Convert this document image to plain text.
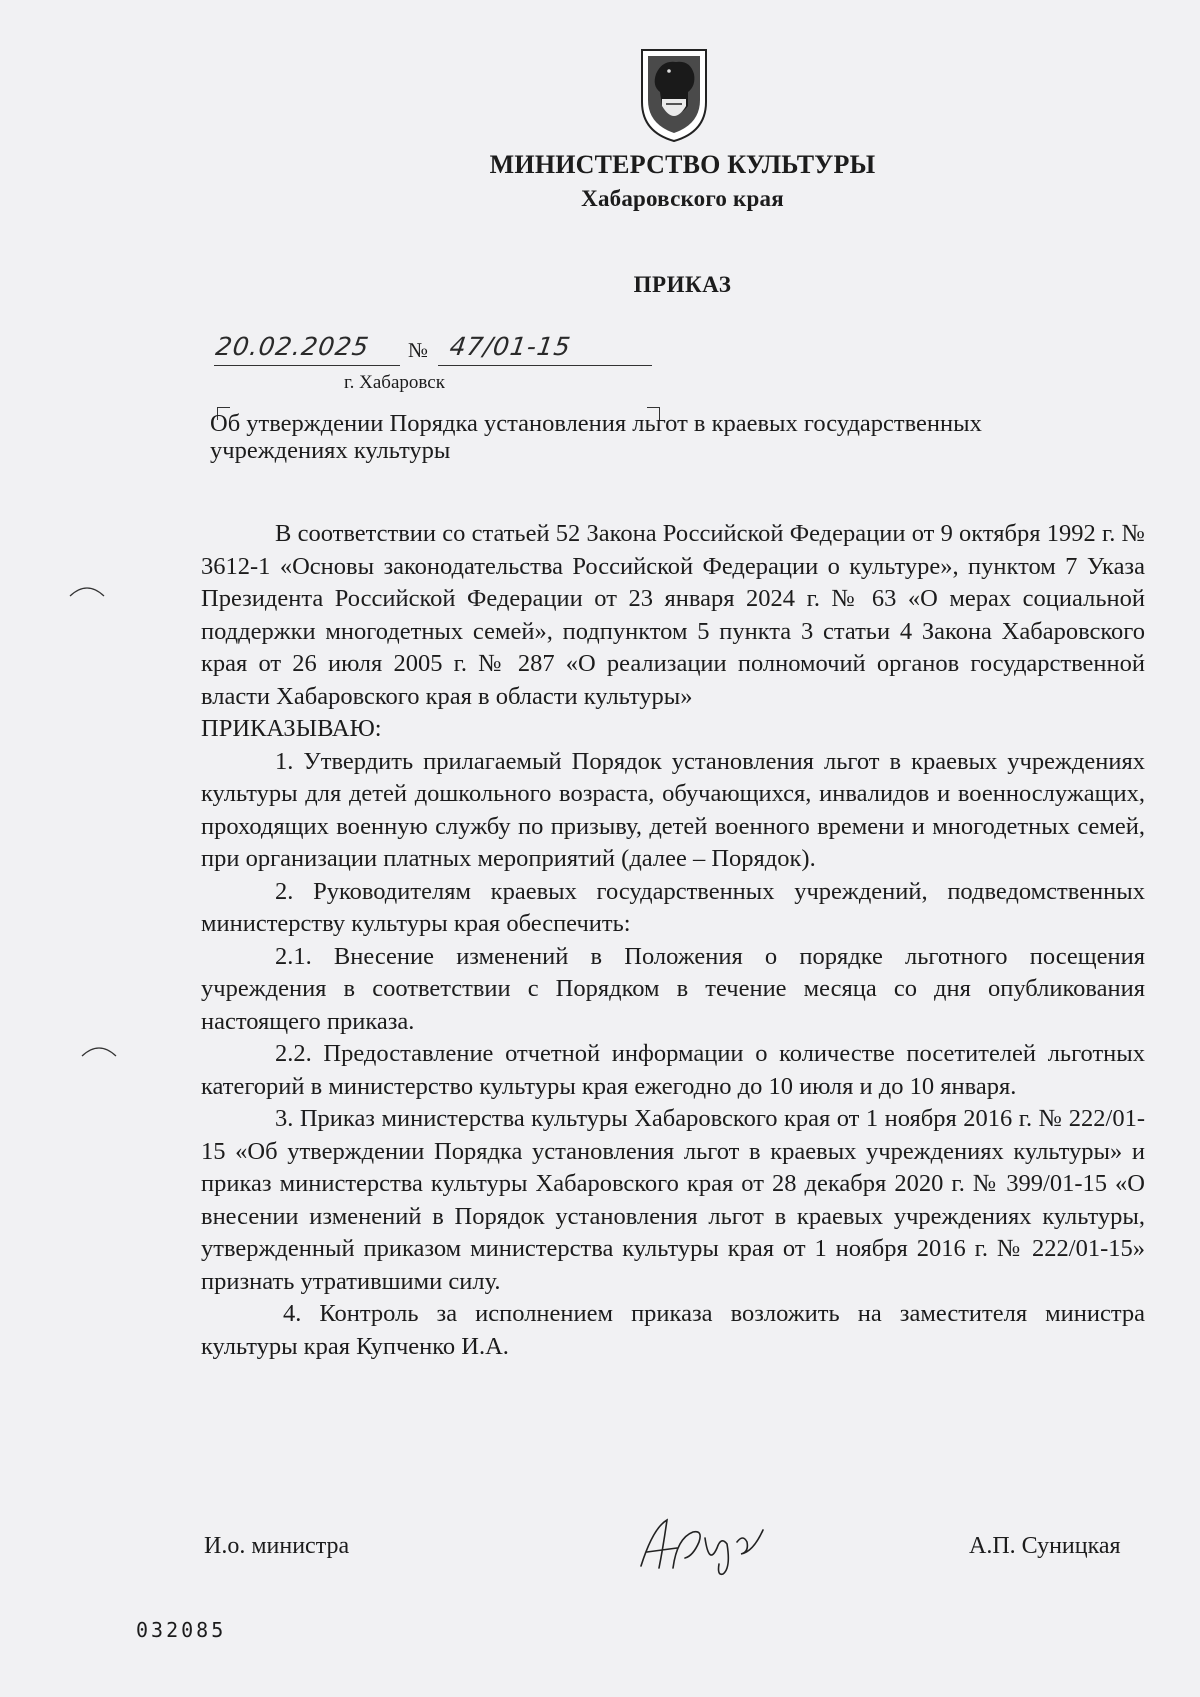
МИНИСТЕРСТВО КУЛЬТУРЫ
Хабаровского края
ПРИКАЗ
20.02.2025 № 47/01-15
г. Хабаровск
Об утверждении Порядка установления льгот в краевых государственных учреждениях культуры

В соответствии со статьей 52 Закона Российской Федерации от 9 октября 1992 г. № 3612-1 «Основы законодательства Российской Федерации о культуре», пунктом 7 Указа Президента Российской Федерации от 23 января 2024 г. № 63 «О мерах социальной поддержки многодетных семей», подпунктом 5 пункта 3 статьи 4 Закона Хабаровского края от 26 июля 2005 г. № 287 «О реализации полномочий органов государственной власти Хабаровского края в области культуры»

ПРИКАЗЫВАЮ:

1. Утвердить прилагаемый Порядок установления льгот в краевых учреждениях культуры для детей дошкольного возраста, обучающихся, инвалидов и военнослужащих, проходящих военную службу по призыву, детей военного времени и многодетных семей, при организации платных мероприятий (далее – Порядок).

2. Руководителям краевых государственных учреждений, подведомственных министерству культуры края обеспечить:

2.1. Внесение изменений в Положения о порядке льготного посещения учреждения в соответствии с Порядком в течение месяца со дня опубликования настоящего приказа.

2.2. Предоставление отчетной информации о количестве посетителей льготных категорий в министерство культуры края ежегодно до 10 июля и до 10 января.

3. Приказ министерства культуры Хабаровского края от 1 ноября 2016 г. № 222/01-15 «Об утверждении Порядка установления льгот в краевых учреждениях культуры» и приказ министерства культуры Хабаровского края от 28 декабря 2020 г. № 399/01-15 «О внесении изменений в Порядок установления льгот в краевых учреждениях культуры, утвержденный приказом министерства культуры края от 1 ноября 2016 г. № 222/01-15» признать утратившими силу.

4. Контроль за исполнением приказа возложить на заместителя министра культуры края Купченко И.А.

И.о. министра	А.П. Суницкая
032085
